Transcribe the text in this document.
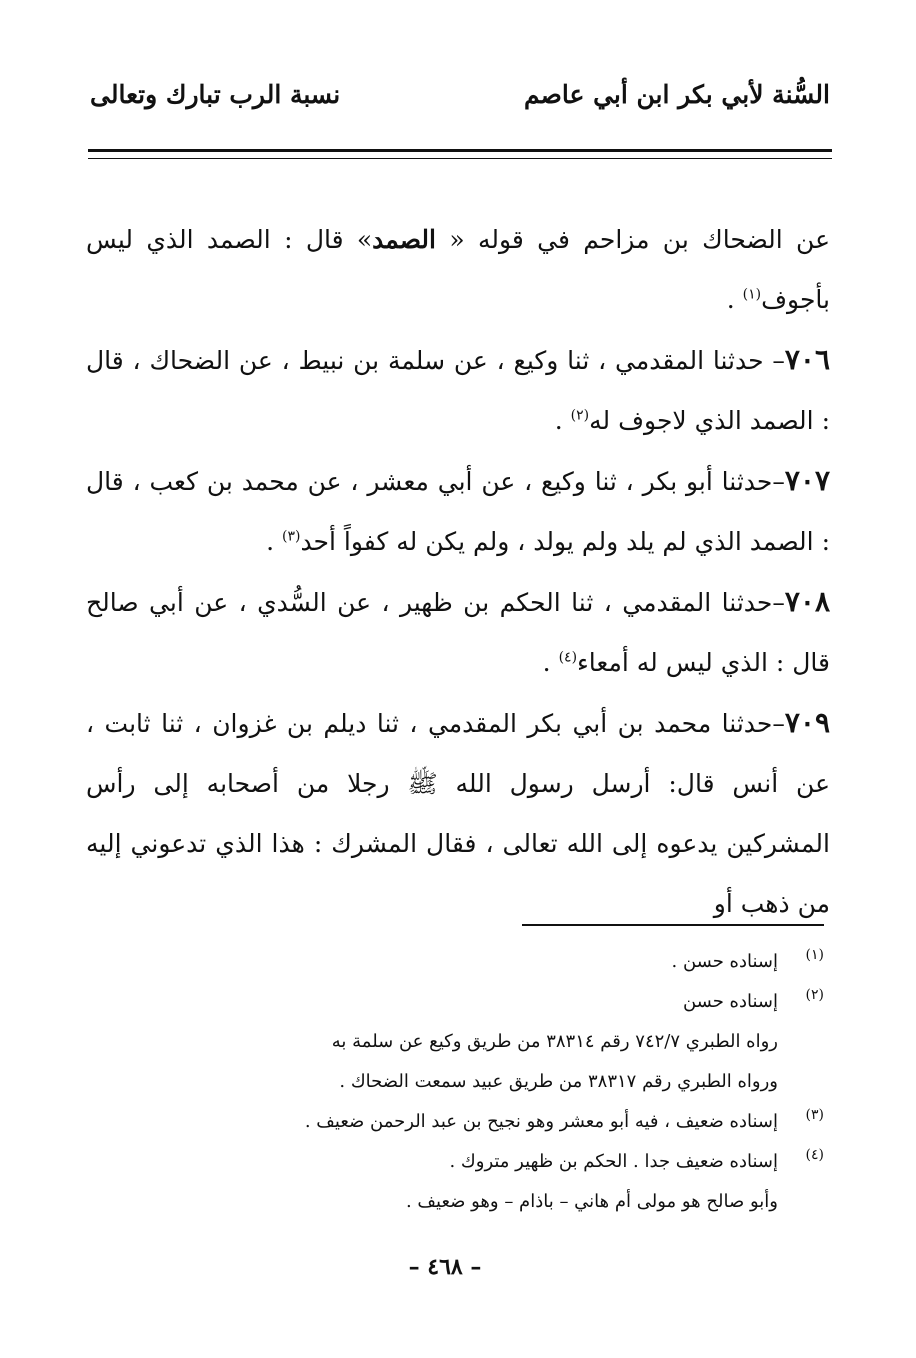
السُّنة لأبي بكر ابن أبي عاصم
نسبة الرب تبارك وتعالى

عن الضحاك بن مزاحم في قوله « الصمد» قال : الصمد الذي ليس بأجوف$^{(١)}$ .

٧٠٦– حدثنا المقدمي ، ثنا وكيع ، عن سلمة بن نبيط ، عن الضحاك ، قال : الصمد الذي لاجوف له$^{(٢)}$ .

٧٠٧–حدثنا أبو بكر ، ثنا وكيع ، عن أبي معشر ، عن محمد بن كعب ، قال : الصمد الذي لم يلد ولم يولد ، ولم يكن له كفواً أحد$^{(٣)}$ .

٧٠٨–حدثنا المقدمي ، ثنا الحكم بن ظهير ، عن السُّدي ، عن أبي صالح قال : الذي ليس له أمعاء$^{(٤)}$ .

٧٠٩–حدثنا محمد بن أبي بكر المقدمي ، ثنا ديلم بن غزوان ، ثنا ثابت ، عن أنس قال: أرسل رسول الله ﷺ رجلا من أصحابه إلى رأس المشركين يدعوه إلى الله تعالى ، فقال المشرك : هذا الذي تدعوني إليه من ذهب أو

(١)
إسناده حسن .
(٢)
إسناده حسن
رواه الطبري ٧٤٢/٧ رقم ٣٨٣١٤ من طريق وكيع عن سلمة به
ورواه الطبري رقم ٣٨٣١٧ من طريق عبيد سمعت الضحاك .
(٣)
إسناده ضعيف ، فيه أبو معشر وهو نجيح بن عبد الرحمن ضعيف .
(٤)
إسناده ضعيف جدا . الحكم بن ظهير متروك .
وأبو صالح هو مولى أم هاني – باذام – وهو ضعيف .
– ٤٦٨ –
